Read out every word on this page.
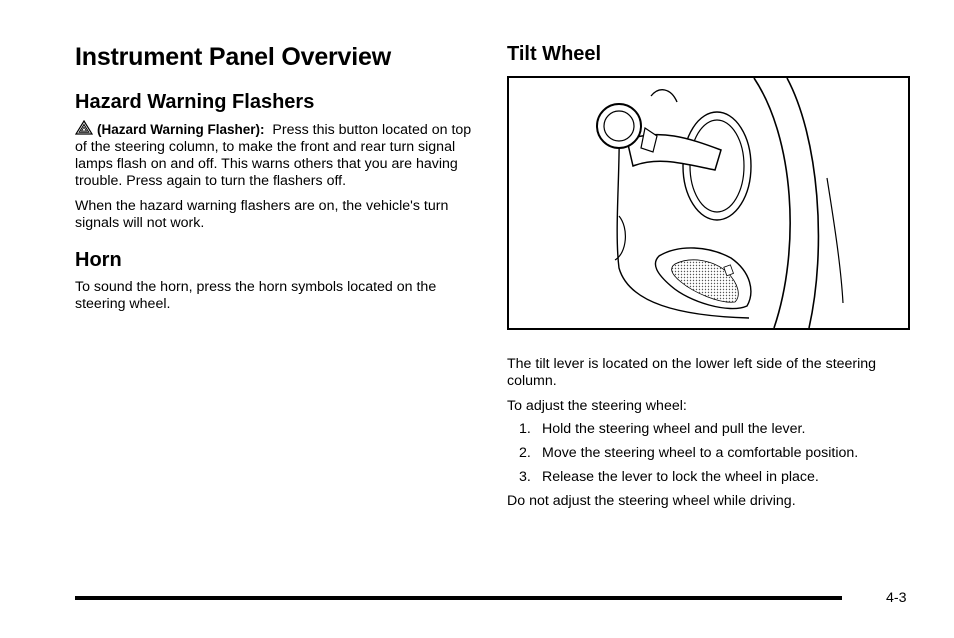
Instrument Panel Overview
Hazard Warning Flashers

(Hazard Warning Flasher): Press this button located on top of the steering column, to make the front and rear turn signal lamps flash on and off. This warns others that you are having trouble. Press again to turn the flashers off.

When the hazard warning flashers are on, the vehicle's turn signals will not work.

Horn

To sound the horn, press the horn symbols located on the steering wheel.

Tilt Wheel

The tilt lever is located on the lower left side of the steering column.

To adjust the steering wheel:

1. Hold the steering wheel and pull the lever.
2. Move the steering wheel to a comfortable position.
3. Release the lever to lock the wheel in place.

Do not adjust the steering wheel while driving.

4-3
